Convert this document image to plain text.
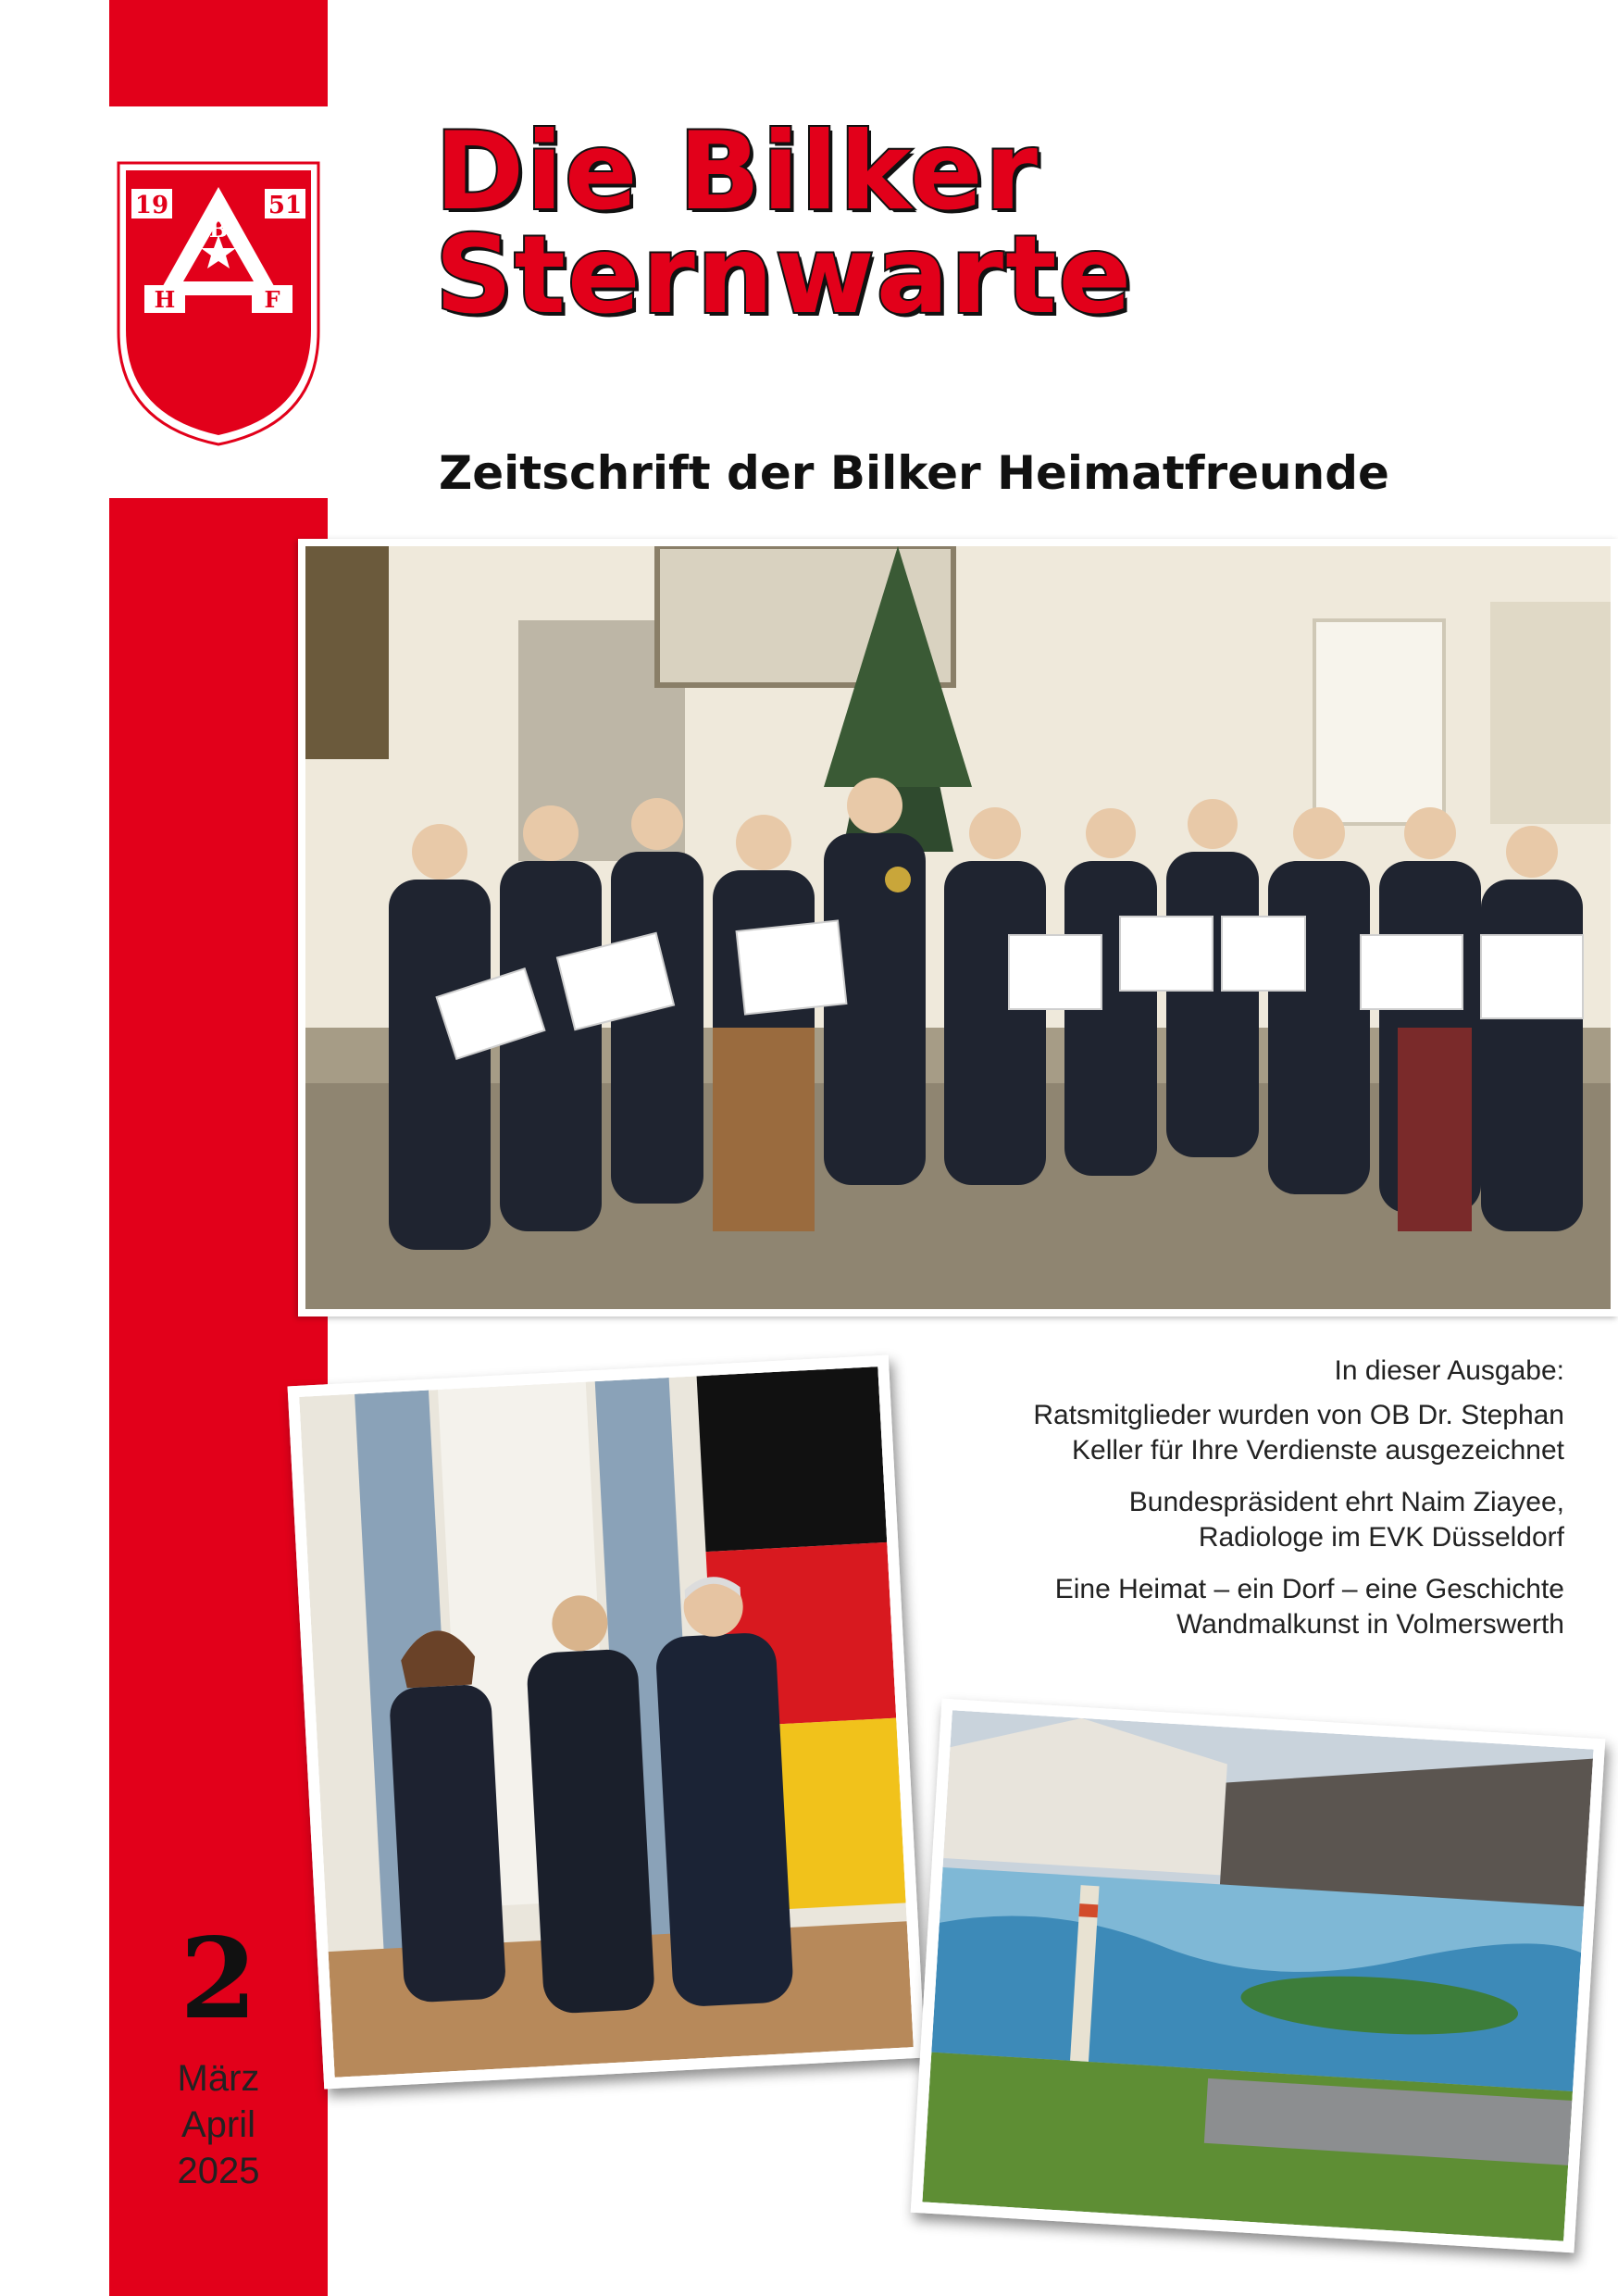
19	51
B
H	F
Die Bilker
Sternwarte

Zeitschrift der Bilker Heimatfreunde

In dieser Ausgabe:

Ratsmitglieder wurden von OB Dr. Stephan
Keller für Ihre Verdienste ausgezeichnet

Bundespräsident ehrt Naim Ziayee,
Radiologe im EVK Düsseldorf

Eine Heimat – ein Dorf – eine Geschichte
Wandmalkunst in Volmerswerth

2
März
April
2025
